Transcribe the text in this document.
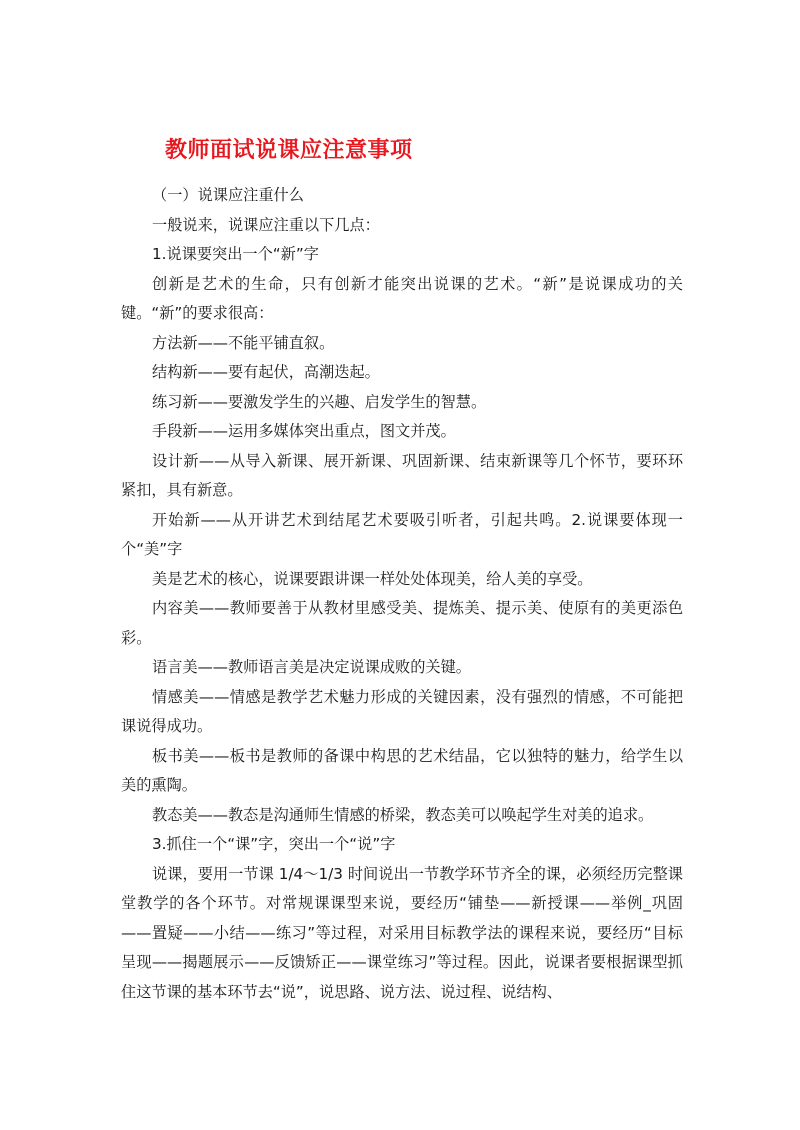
教师面试说课应注意事项

（一）说课应注重什么

一般说来，说课应注重以下几点：

1.说课要突出一个“新”字

创新是艺术的生命，只有创新才能突出说课的艺术。“新”是说课成功的关键。“新”的要求很高：

方法新——不能平铺直叙。

结构新——要有起伏，高潮迭起。

练习新——要激发学生的兴趣、启发学生的智慧。

手段新——运用多媒体突出重点，图文并茂。

设计新——从导入新课、展开新课、巩固新课、结束新课等几个怀节，要环环紧扣，具有新意。

开始新——从开讲艺术到结尾艺术要吸引听者，引起共鸣。2.说课要体现一个“美”字

美是艺术的核心，说课要跟讲课一样处处体现美，给人美的享受。

内容美——教师要善于从教材里感受美、提炼美、提示美、使原有的美更添色彩。

语言美——教师语言美是决定说课成败的关键。

情感美——情感是教学艺术魅力形成的关键因素，没有强烈的情感，不可能把课说得成功。

板书美——板书是教师的备课中构思的艺术结晶，它以独特的魅力，给学生以美的熏陶。

教态美——教态是沟通师生情感的桥梁，教态美可以唤起学生对美的追求。

3.抓住一个“课”字，突出一个“说”字

说课，要用一节课 1/4～1/3 时间说出一节教学环节齐全的课，必须经历完整课堂教学的各个环节。对常规课课型来说，要经历“铺垫——新授课——举例_巩固——置疑——小结——练习”等过程，对采用目标教学法的课程来说，要经历“目标呈现——揭题展示——反馈矫正——课堂练习”等过程。因此，说课者要根据课型抓住这节课的基本环节去“说”，说思路、说方法、说过程、说结构、
